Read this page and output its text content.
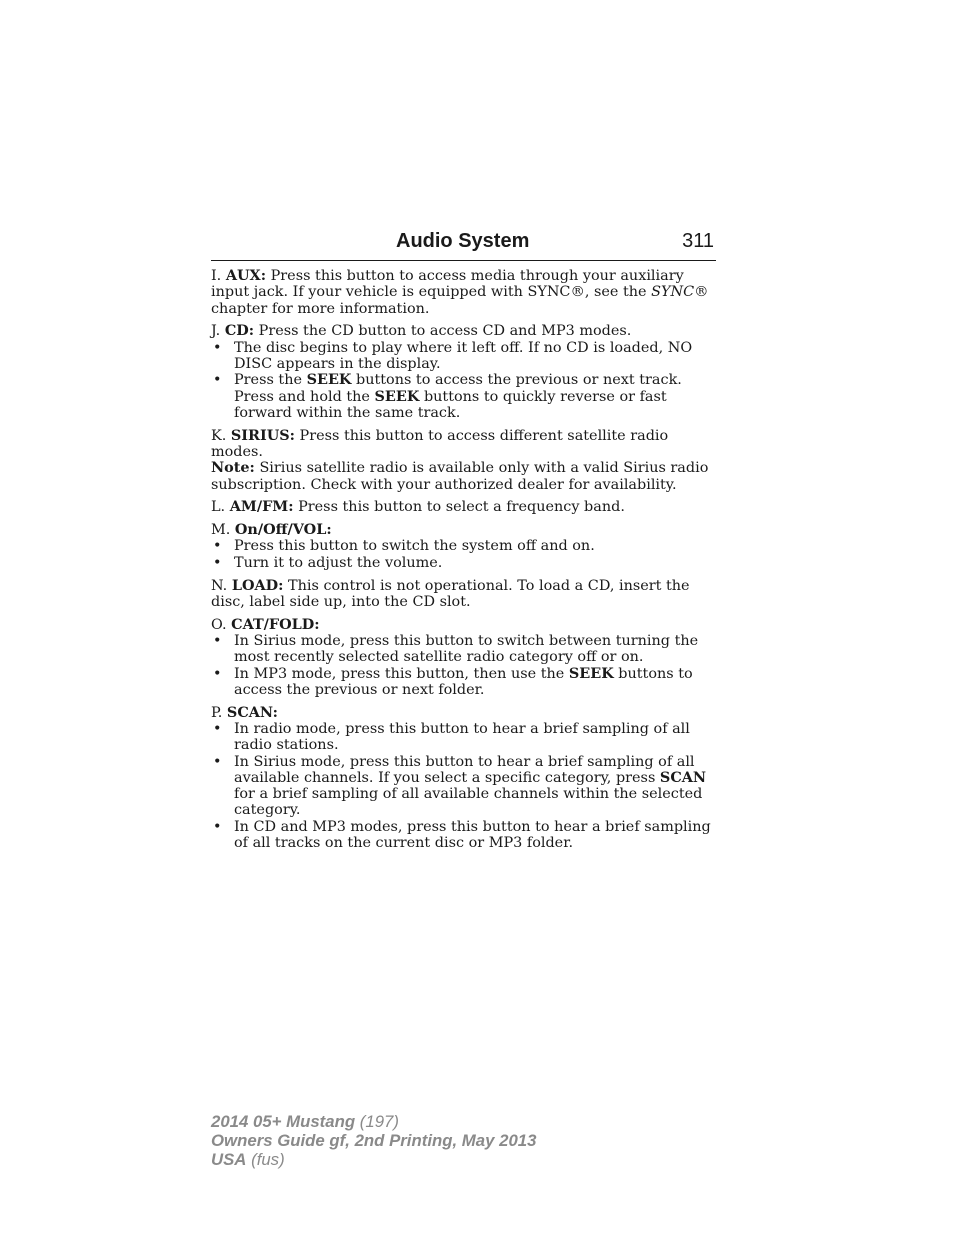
Audio System	311

I. AUX: Press this button to access media through your auxiliary input jack. If your vehicle is equipped with SYNC®, see the SYNC® chapter for more information.

J. CD: Press the CD button to access CD and MP3 modes.

• The disc begins to play where it left off. If no CD is loaded, NO DISC appears in the display.
• Press the SEEK buttons to access the previous or next track. Press and hold the SEEK buttons to quickly reverse or fast forward within the same track.

K. SIRIUS: Press this button to access different satellite radio modes.
Note: Sirius satellite radio is available only with a valid Sirius radio subscription. Check with your authorized dealer for availability.

L. AM/FM: Press this button to select a frequency band.

M. On/Off/VOL:

• Press this button to switch the system off and on.
• Turn it to adjust the volume.

N. LOAD: This control is not operational. To load a CD, insert the disc, label side up, into the CD slot.

O. CAT/FOLD:

• In Sirius mode, press this button to switch between turning the most recently selected satellite radio category off or on.
• In MP3 mode, press this button, then use the SEEK buttons to access the previous or next folder.

P. SCAN:

• In radio mode, press this button to hear a brief sampling of all radio stations.
• In Sirius mode, press this button to hear a brief sampling of all available channels. If you select a specific category, press SCAN for a brief sampling of all available channels within the selected category.
• In CD and MP3 modes, press this button to hear a brief sampling of all tracks on the current disc or MP3 folder.
2014 05+ Mustang (197)
Owners Guide gf, 2nd Printing, May 2013
USA (fus)
